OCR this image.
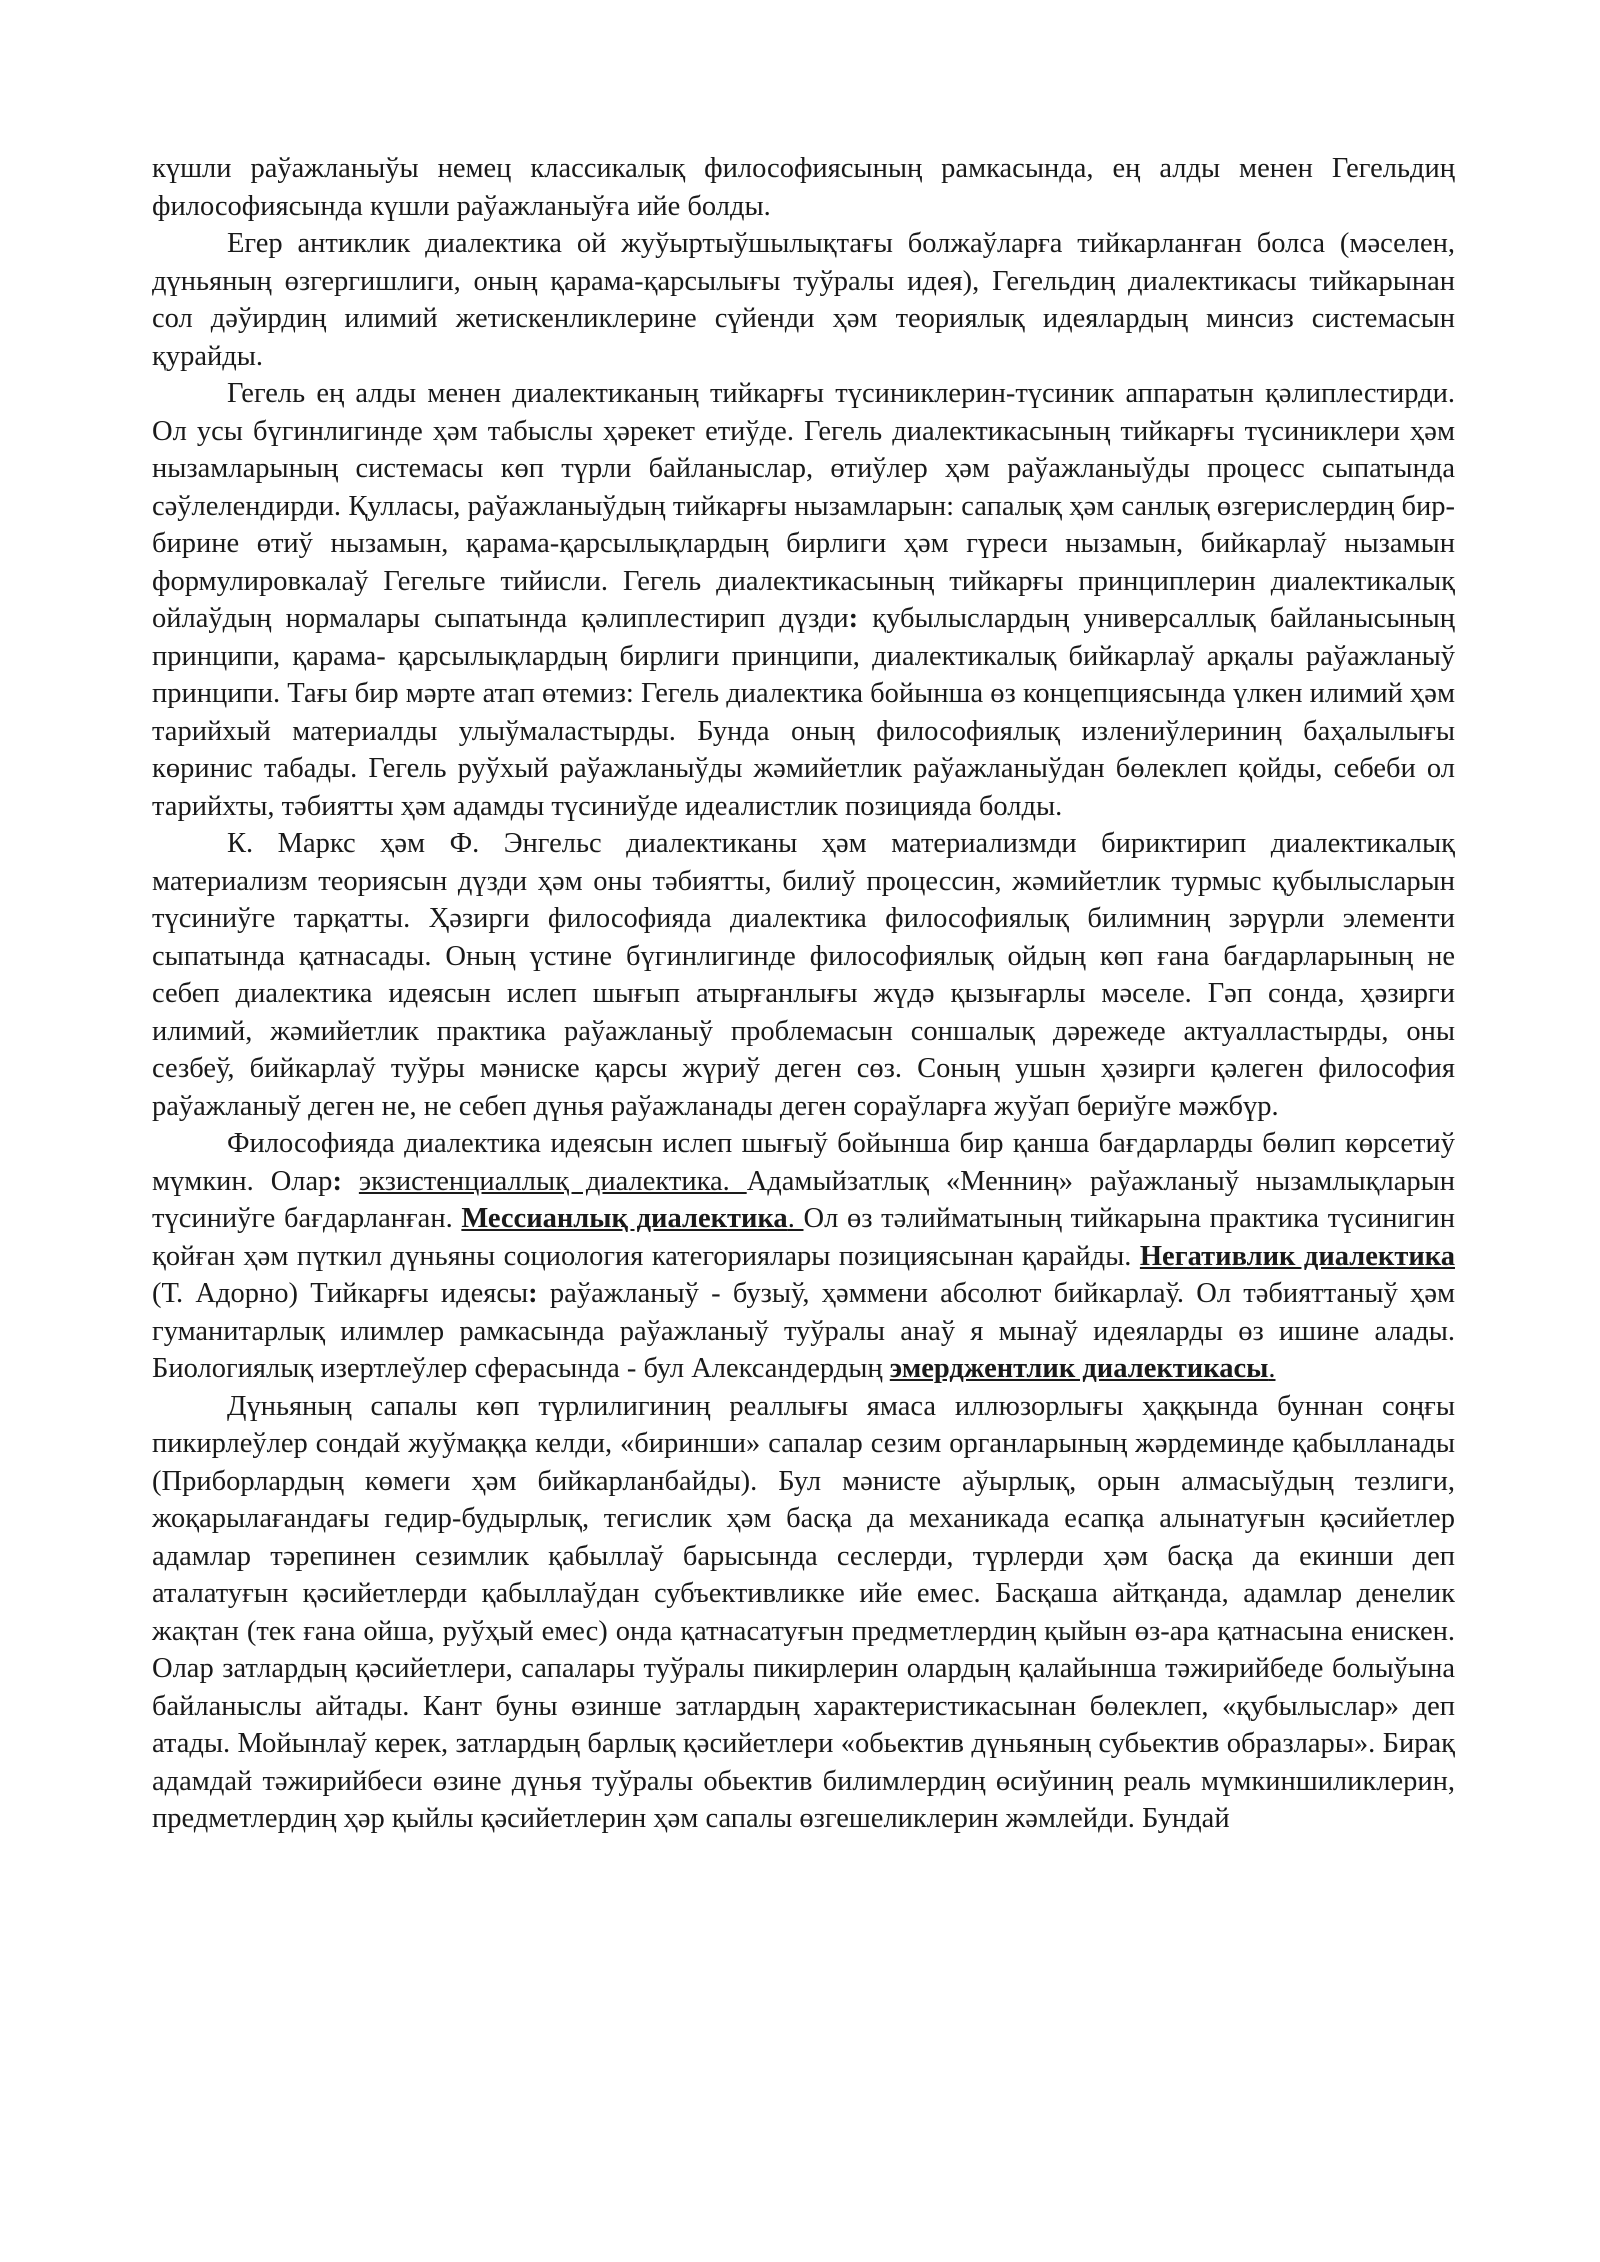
күшли раўажланыўы немец классикалық философиясының рамкасында, ең алды менен Гегельдиң философиясында күшли раўажланыўға ийе болды.

Егер антиклик диалектика ой жуўыртыўшылықтағы болжаўларға тийкарланған болса (мәселен, дүньяның өзгергишлиги, оның қарама-қарсылығы туўралы идея), Гегельдиң диалектикасы тийкарынан сол дәўирдиң илимий жетискенликлерине сүйенди ҳәм теориялық идеялардың минсиз системасын қурайды.

Гегель ең алды менен диалектиканың тийкарғы түсиниклерин-түсиник аппаратын қәлиплестирди. Ол усы бүгинлигинде ҳәм табыслы ҳәрекет етиўде. Гегель диалектикасының тийкарғы түсиниклери ҳәм нызамларының системасы көп түрли байланыслар, өтиўлер ҳәм раўажланыўды процесс сыпатында сәўлелендирди. Қулласы, раўажланыўдың тийкарғы нызамларын: сапалық ҳәм санлық өзгерислердиң бир-бирине өтиў нызамын, қарама-қарсылықлардың бирлиги ҳәм гүреси нызамын, бийкарлаў нызамын формулировкалаў Гегельге тийисли. Гегель диалектикасының тийкарғы принциплерин диалектикалық ойлаўдың нормалары сыпатында қәлиплестирип дүзди: қубылыслардың универсаллық байланысының принципи, қарама- қарсылықлардың бирлиги принципи, диалектикалық бийкарлаў арқалы раўажланыў принципи. Тағы бир мәрте атап өтемиз: Гегель диалектика бойынша өз концепциясында үлкен илимий ҳәм тарийхый материалды улыўмаластырды. Бунда оның философиялық излениўлериниң баҳалылығы көринис табады. Гегель руўхый раўажланыўды жәмийетлик раўажланыўдан бөлеклеп қойды, себеби ол тарийхты, тәбиятты ҳәм адамды түсиниўде идеалистлик позицияда болды.

К. Маркс ҳәм Ф. Энгельс диалектиканы ҳәм материализмди бириктирип диалектикалық материализм теориясын дүзди ҳәм оны тәбиятты, билиў процессин, жәмийетлик турмыс қубылысларын түсиниўге тарқатты. Ҳәзирги философияда диалектика философиялық билимниң зәрүрли элементи сыпатында қатнасады. Оның үстине бүгинлигинде философиялық ойдың көп ғана бағдарларының не себеп диалектика идеясын ислеп шығып атырғанлығы жүдә қызығарлы мәселе. Гәп сонда, ҳәзирги илимий, жәмийетлик практика раўажланыў проблемасын соншалық дәрежеде актуалластырды, оны сезбеў, бийкарлаў туўры мәниске қарсы жүриў деген сөз. Соның ушын ҳәзирги қәлеген философия раўажланыў деген не, не себеп дүнья раўажланады деген сораўларға жуўап бериўге мәжбүр.

Философияда диалектика идеясын ислеп шығыў бойынша бир қанша бағдарларды бөлип көрсетиў мүмкин. Олар: экзистенциаллық диалектика. Адамыйзатлық «Менниң» раўажланыў нызамлықларын түсиниўге бағдарланған. Мессианлық диалектика. Ол өз тәлийматының тийкарына практика түсинигин қойған ҳәм пүткил дүньяны социология категориялары позициясынан қарайды. Негативлик диалектика (Т. Адорно) Тийкарғы идеясы: раўажланыў - бузыў, ҳәммени абсолют бийкарлаў. Ол тәбияттаныў ҳәм гуманитарлық илимлер рамкасында раўажланыў туўралы анаў я мынаў идеяларды өз ишине алады. Биологиялық изертлеўлер сферасында - бул Александердың эмерджентлик диалектикасы.

Дүньяның сапалы көп түрлилигиниң реаллығы ямаса иллюзорлығы ҳаққында буннан соңғы пикирлеўлер сондай жуўмаққа келди, «биринши» сапалар сезим органларының жәрдеминде қабылланады (Приборлардың көмеги ҳәм бийкарланбайды). Бул мәнисте аўырлық, орын алмасыўдың тезлиги, жоқарылағандағы гедир-будырлық, тегислик ҳәм басқа да механикада есапқа алынатуғын қәсийетлер адамлар тәрепинен сезимлик қабыллаў барысында сеслерди, түрлерди ҳәм басқа да екинши деп аталатуғын қәсийетлерди қабыллаўдан субъективликке ийе емес. Басқаша айтқанда, адамлар денелик жақтан (тек ғана ойша, руўҳый емес) онда қатнасатуғын предметлердиң қыйын өз-ара қатнасына енискен. Олар затлардың қәсийетлери, сапалары туўралы пикирлерин олардың қалайынша тәжирийбеде болыўына байланыслы айтады. Кант буны өзинше затлардың характеристикасынан бөлеклеп, «қубылыслар» деп атады. Мойынлаў керек, затлардың барлық қәсийетлери «обьектив дүньяның субьектив образлары». Бирақ адамдай тәжирийбеси өзине дүнья туўралы обьектив билимлердиң өсиўиниң реаль мүмкиншиликлерин, предметлердиң ҳәр қыйлы қәсийетлерин ҳәм сапалы өзгешеликлерин жәмлейди. Бундай
